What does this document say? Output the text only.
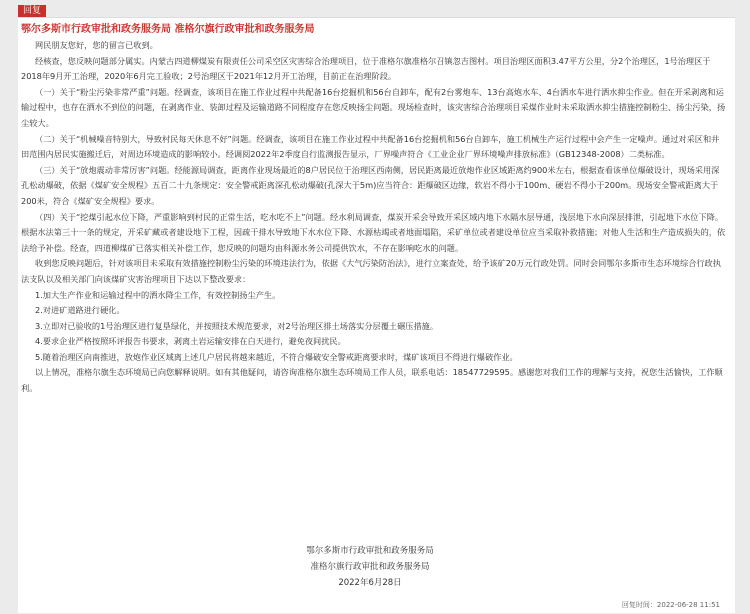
回复
鄂尔多斯市行政审批和政务服务局 准格尔旗行政审批和政务服务局

网民朋友您好，您的留言已收到。

经核查，您反映问题部分属实。内蒙古四道柳煤炭有限责任公司采空区灾害综合治理项目，位于准格尔旗准格尔召镇忽吉图村。项目治理区面积3.47平方公里，分2个治理区，1号治理区于2018年9月开工治理，2020年6月完工验收；2号治理区于2021年12月开工治理，目前正在治理阶段。

（一）关于“粉尘污染非常严重”问题。经调查，该项目在施工作业过程中共配备16台挖掘机和56台自卸车，配有2台雾炮车、13台高炮水车、4台洒水车进行洒水抑尘作业。但在开采剥离和运输过程中，也存在洒水不到位的问题，在剥离作业、装卸过程及运输道路不同程度存在您反映扬尘问题。现场检查时，该灾害综合治理项目采煤作业时未采取洒水抑尘措施控制粉尘、扬尘污染，扬尘较大。

（二）关于“机械噪音特别大，导致村民每天休息不好”问题。经调查，该项目在施工作业过程中共配备16台挖掘机和56台自卸车，施工机械生产运行过程中会产生一定噪声。通过对采区和井田范围内居民实施搬迁后，对周边环境造成的影响较小。经调阅2022年2季度自行监测报告显示，厂界噪声符合《工业企业厂界环境噪声排放标准》（GB12348-2008）二类标准。

（三）关于“放炮震动非常厉害”问题。经能源局调查，距离作业现场最近的8户居民位于治理区西南侧，居民距离最近放炮作业区域距离约900米左右，根据查看该单位爆破设计，现场采用深孔松动爆破，依据《煤矿安全规程》五百二十九条规定：安全警戒距离深孔松动爆破(孔深大于5m)应当符合：距爆破区边缘，软岩不得小于100m、硬岩不得小于200m。现场安全警戒距离大于200米，符合《煤矿安全规程》要求。

（四）关于“挖煤引起水位下降，严重影响到村民的正常生活，吃水吃不上”问题。经水利局调查，煤炭开采会导致开采区域内地下水隔水层导通，浅层地下水向深层排泄，引起地下水位下降。根据水法第三十一条的规定，开采矿藏或者建设地下工程，因疏干排水导致地下水水位下降、水源枯竭或者地面塌陷，采矿单位或者建设单位应当采取补救措施；对他人生活和生产造成损失的，依法给予补偿。经查，四道柳煤矿已落实相关补偿工作，您反映的问题均由科源水务公司提供饮水，不存在影响吃水的问题。

收到您反映问题后，针对该项目未采取有效措施控制粉尘污染的环境违法行为，依据《大气污染防治法》，进行立案查处，给予该矿20万元行政处罚。同时会同鄂尔多斯市生态环境综合行政执法支队以及相关部门向该煤矿灾害治理项目下达以下整改要求：

1.加大生产作业和运输过程中的洒水降尘工作，有效控制扬尘产生。

2.对进矿道路进行硬化。

3.立即对已验收的1号治理区进行复垦绿化，并按照技术规范要求，对2号治理区排土场落实分层覆土碾压措施。

4.要求企业严格按照环评报告书要求，剥离土岩运输安排在白天进行，避免夜间扰民。

5.随着治理区向南推进，放炮作业区域离上述几户居民将越来越近，不符合爆破安全警戒距离要求时，煤矿该项目不得进行爆破作业。

以上情况，准格尔旗生态环境局已向您解释说明。如有其他疑问，请咨询准格尔旗生态环境局工作人员，联系电话：18547729595。感谢您对我们工作的理解与支持，祝您生活愉快，工作顺利。

鄂尔多斯市行政审批和政务服务局
准格尔旗行政审批和政务服务局
2022年6月28日
回复时间：2022-06-28 11:51
